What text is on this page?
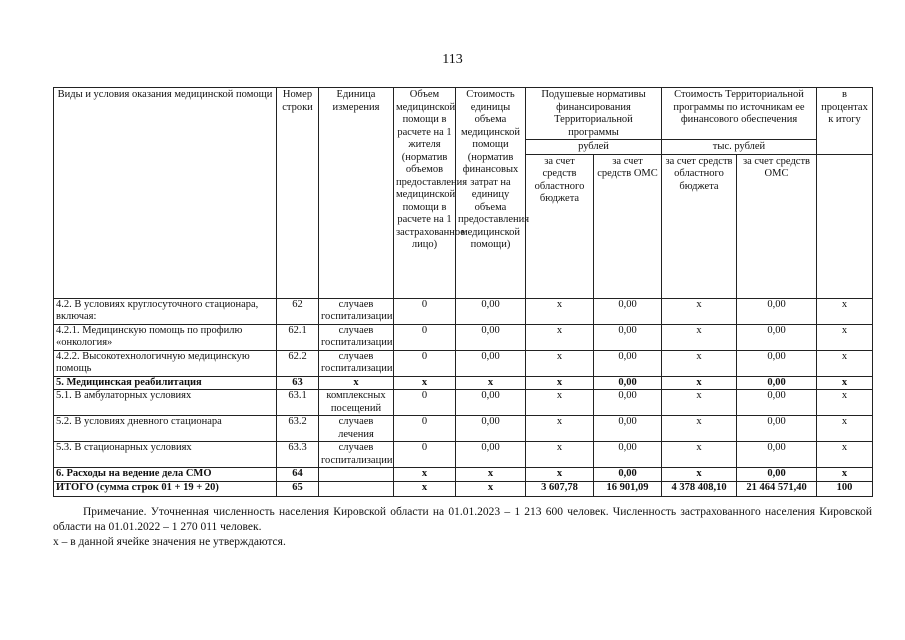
113
Виды и условия оказания медицинской помощи	Номер строки	Единица измерения	Объем медицинской помощи в расчете на 1 жителя (норматив объемов предоставления медицинской помощи в расчете на 1 застрахованное лицо)	Стоимость единицы объема медицинской помощи (норматив финансовых затрат на единицу объема предоставления медицинской помощи)	Подушевые нормативы финансирования Территориальной программы		Стоимость Территориальной программы по источникам ее финансового обеспечения		в процентах к итогу
					рублей		тыс. рублей		
					за счет средств областного бюджета	за счет средств ОМС	за счет средств областного бюджета	за счет средств ОМС	
4.2. В условиях круглосуточного стационара, включая:	62	случаев госпитализации	0	0,00	х	0,00	х	0,00	х
4.2.1. Медицинскую помощь по профилю «онкология»	62.1	случаев госпитализации	0	0,00	х	0,00	х	0,00	х
4.2.2. Высокотехнологичную медицинскую помощь	62.2	случаев госпитализации	0	0,00	х	0,00	х	0,00	х
5. Медицинская реабилитация	63	х	х	х	х	0,00	х	0,00	х
5.1. В амбулаторных условиях	63.1	комплексных посещений	0	0,00	х	0,00	х	0,00	х
5.2. В условиях дневного стационара	63.2	случаев лечения	0	0,00	х	0,00	х	0,00	х
5.3. В стационарных условиях	63.3	случаев госпитализации	0	0,00	х	0,00	х	0,00	х
6. Расходы на ведение дела СМО	64		х	х	х	0,00	х	0,00	х
ИТОГО (сумма строк 01 + 19 + 20)	65		х	х	3 607,78	16 901,09	4 378 408,10	21 464 571,40	100
Примечание. Уточненная численность населения Кировской области на 01.01.2023 – 1 213 600 человек. Численность застрахованного населения Кировской области на 01.01.2022 – 1 270 011 человек.
х – в данной ячейке значения не утверждаются.
